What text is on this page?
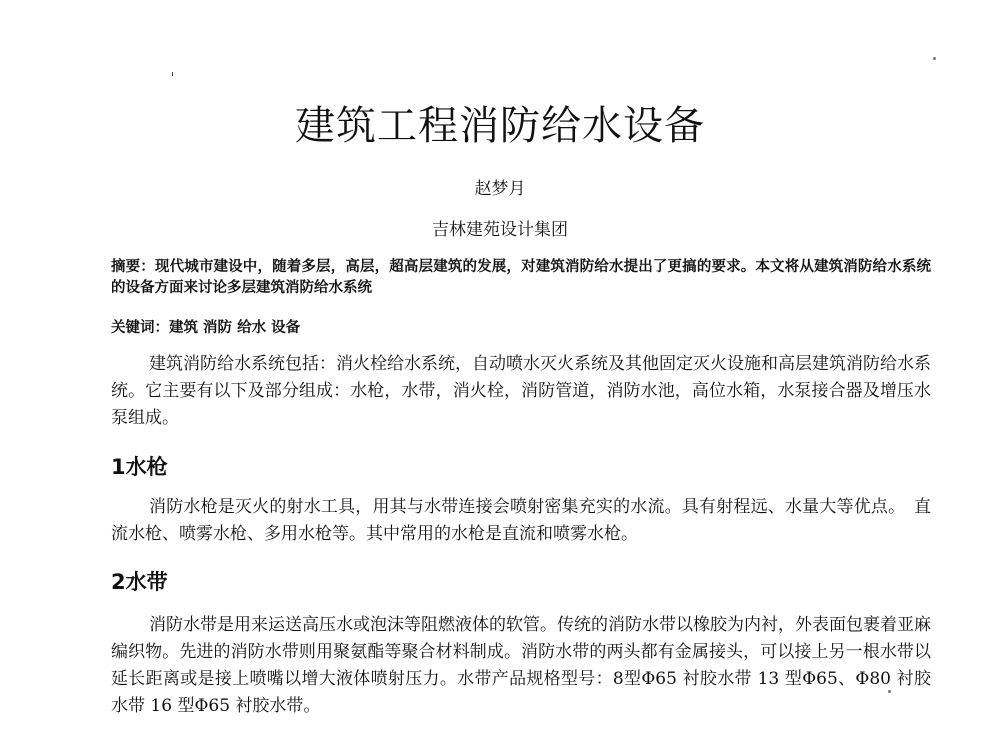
建筑工程消防给水设备
赵梦月
吉林建苑设计集团
摘要：现代城市建设中，随着多层，高层，超高层建筑的发展，对建筑消防给水提出了更搞的要求。本文将从建筑消防给水系统的设备方面来讨论多层建筑消防给水系统
关键词：建筑 消防 给水 设备

建筑消防给水系统包括：消火栓给水系统，自动喷水灭火系统及其他固定灭火设施和高层建筑消防给水系统。它主要有以下及部分组成：水枪，水带，消火栓，消防管道，消防水池，高位水箱，水泵接合器及增压水泵组成。

1水枪

消防水枪是灭火的射水工具，用其与水带连接会喷射密集充实的水流。具有射程远、水量大等优点。　直流水枪、喷雾水枪、多用水枪等。其中常用的水枪是直流和喷雾水枪。

2水带

消防水带是用来运送高压水或泡沫等阻燃液体的软管。传统的消防水带以橡胶为内衬，外表面包裹着亚麻编织物。先进的消防水带则用聚氨酯等聚合材料制成。消防水带的两头都有金属接头，可以接上另一根水带以延长距离或是接上喷嘴以增大液体喷射压力。水带产品规格型号：8型Φ65 衬胶水带 13 型Φ65、Φ80 衬胶水带 16 型Φ65 衬胶水带。
